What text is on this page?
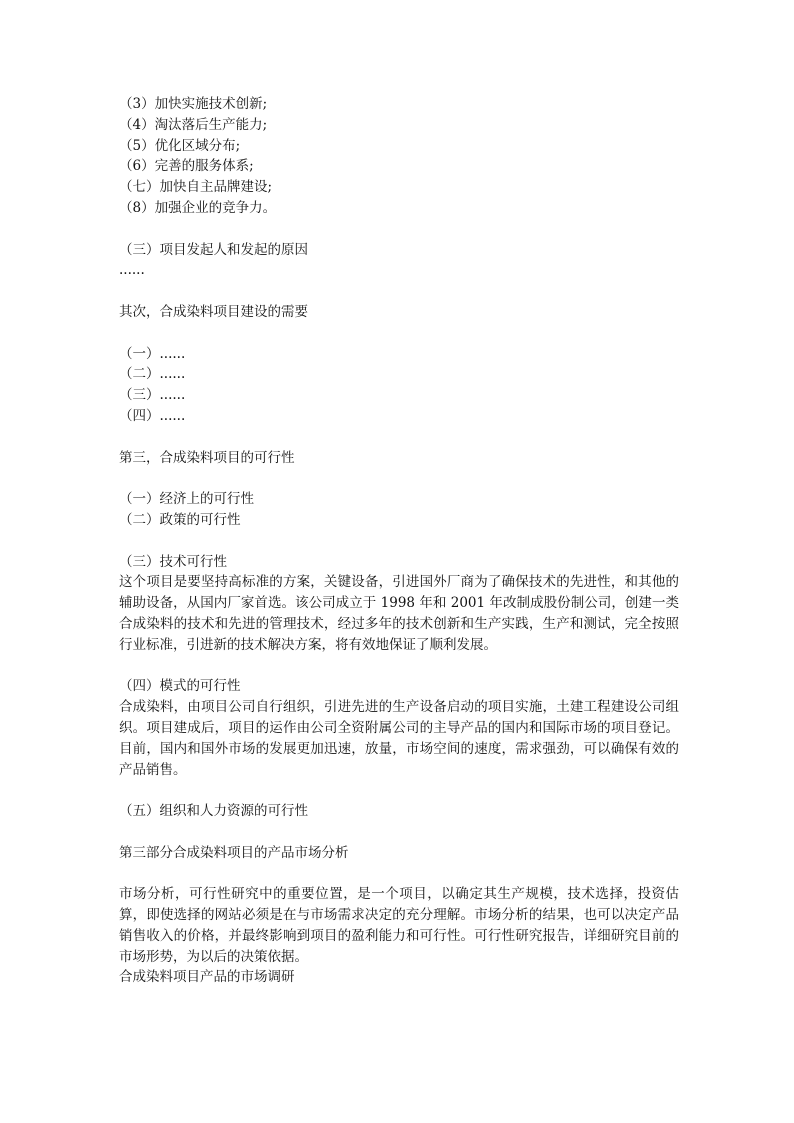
（3）加快实施技术创新;
（4）淘汰落后生产能力;
（5）优化区域分布;
（6）完善的服务体系;
（七）加快自主品牌建设;
（8）加强企业的竞争力。
（三）项目发起人和发起的原因
......
其次，合成染料项目建设的需要
（一）......
（二）......
（三）......
（四）......
第三，合成染料项目的可行性
（一）经济上的可行性
（二）政策的可行性
（三）技术可行性
这个项目是要坚持高标准的方案，关键设备，引进国外厂商为了确保技术的先进性，和其他的辅助设备，从国内厂家首选。该公司成立于 1998 年和 2001 年改制成股份制公司，创建一类合成染料的技术和先进的管理技术，经过多年的技术创新和生产实践，生产和测试，完全按照行业标准，引进新的技术解决方案，将有效地保证了顺利发展。
（四）模式的可行性
合成染料，由项目公司自行组织，引进先进的生产设备启动的项目实施，土建工程建设公司组织。项目建成后，项目的运作由公司全资附属公司的主导产品的国内和国际市场的项目登记。目前，国内和国外市场的发展更加迅速，放量，市场空间的速度，需求强劲，可以确保有效的产品销售。
（五）组织和人力资源的可行性
第三部分合成染料项目的产品市场分析
市场分析，可行性研究中的重要位置，是一个项目，以确定其生产规模，技术选择，投资估算，即使选择的网站必须是在与市场需求决定的充分理解。市场分析的结果，也可以决定产品销售收入的价格，并最终影响到项目的盈利能力和可行性。可行性研究报告，详细研究目前的市场形势，为以后的决策依据。
合成染料项目产品的市场调研
